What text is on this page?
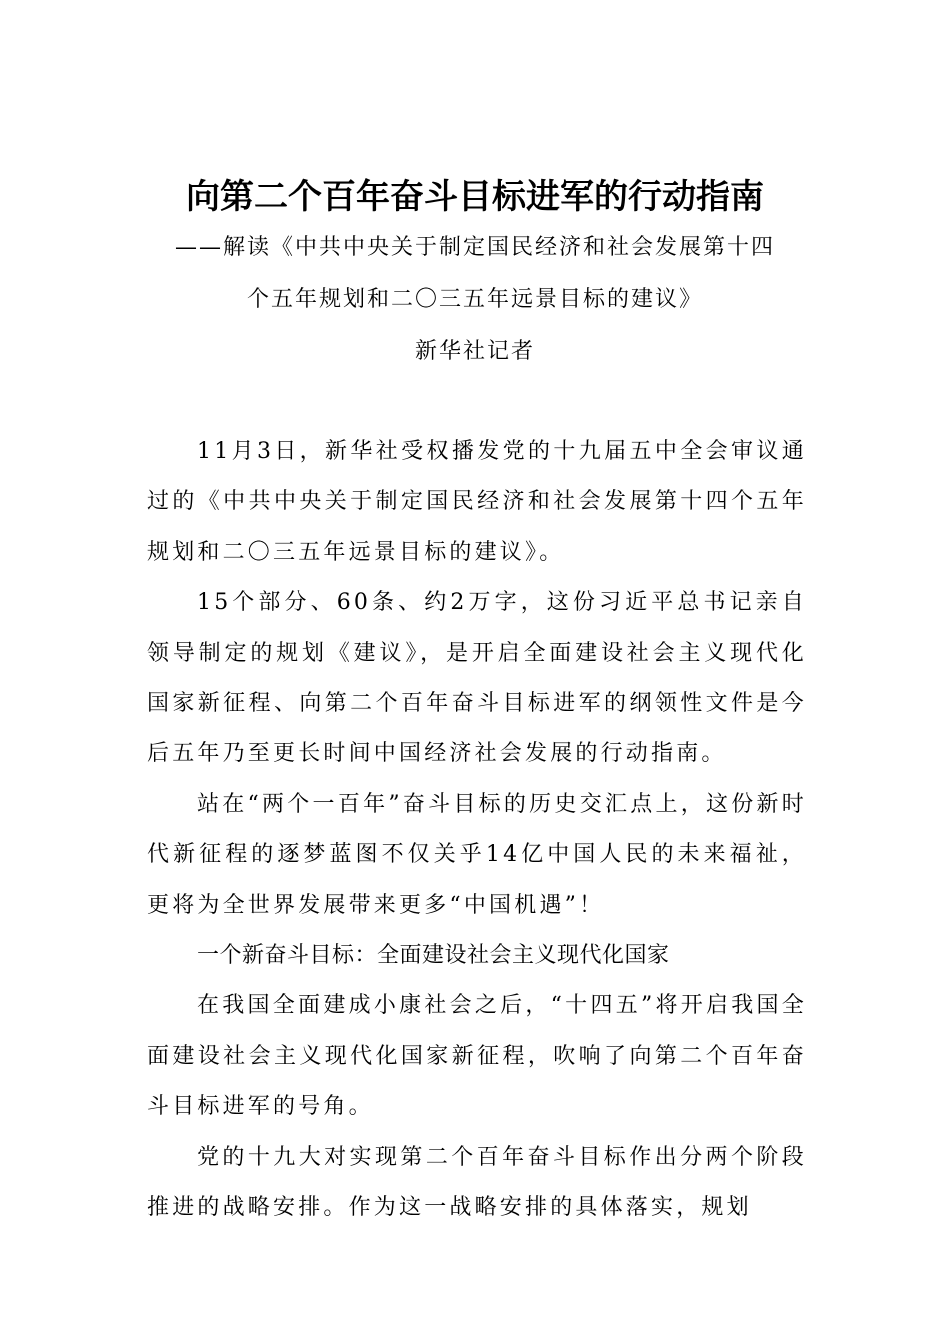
向第二个百年奋斗目标进军的行动指南
——解读《中共中央关于制定国民经济和社会发展第十四
个五年规划和二〇三五年远景目标的建议》
新华社记者

11月3日，新华社受权播发党的十九届五中全会审议通过的《中共中央关于制定国民经济和社会发展第十四个五年规划和二〇三五年远景目标的建议》。

15个部分、60条、约2万字，这份习近平总书记亲自领导制定的规划《建议》，是开启全面建设社会主义现代化国家新征程、向第二个百年奋斗目标进军的纲领性文件是今后五年乃至更长时间中国经济社会发展的行动指南。

站在“两个一百年”奋斗目标的历史交汇点上，这份新时代新征程的逐梦蓝图不仅关乎14亿中国人民的未来福祉，更将为全世界发展带来更多“中国机遇”！

一个新奋斗目标：全面建设社会主义现代化国家

在我国全面建成小康社会之后，“十四五”将开启我国全面建设社会主义现代化国家新征程，吹响了向第二个百年奋斗目标进军的号角。

党的十九大对实现第二个百年奋斗目标作出分两个阶段推进的战略安排。作为这一战略安排的具体落实，规划
